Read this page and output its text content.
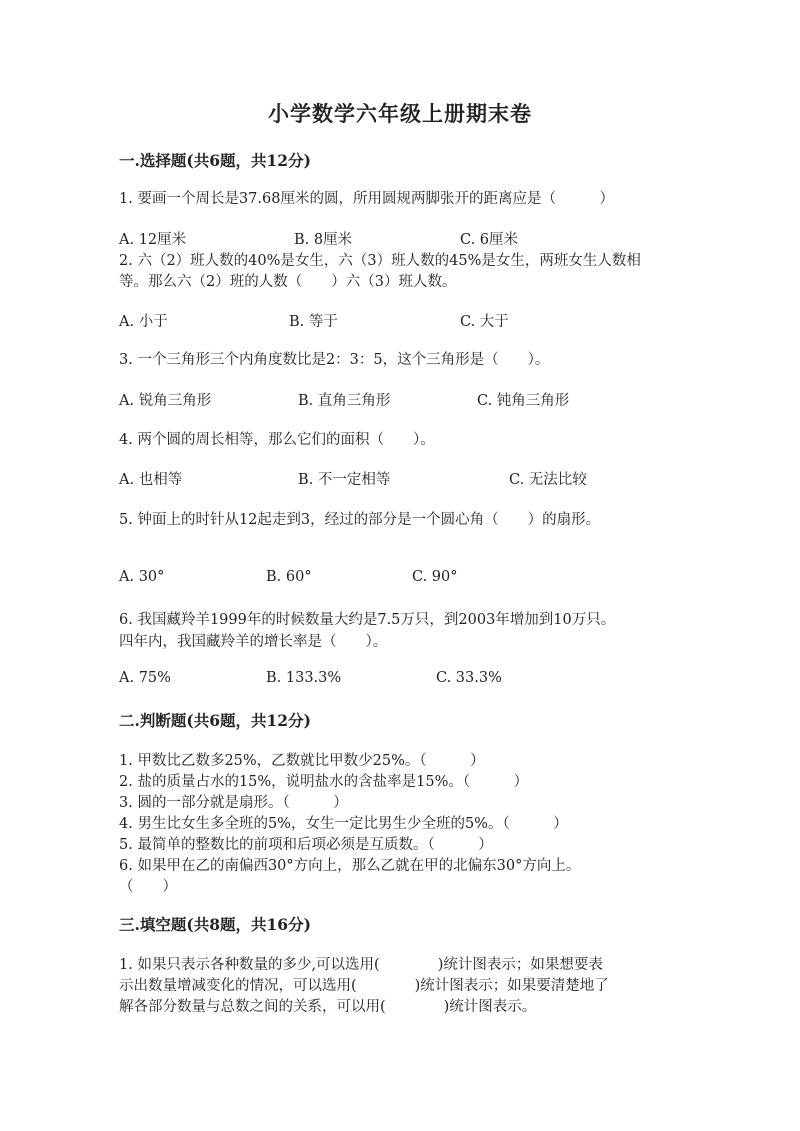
小学数学六年级上册期末卷
一.选择题(共6题，共12分)
1. 要画一个周长是37.68厘米的圆，所用圆规两脚张开的距离应是（　　　）
A. 12厘米	B. 8厘米	C. 6厘米
2. 六（2）班人数的40%是女生，六（3）班人数的45%是女生，两班女生人数相
等。那么六（2）班的人数（　　）六（3）班人数。
A. 小于	B. 等于	C. 大于
3. 一个三角形三个内角度数比是2：3：5，这个三角形是（　　）。
A. 锐角三角形	B. 直角三角形	C. 钝角三角形
4. 两个圆的周长相等，那么它们的面积（　　）。
A. 也相等	B. 不一定相等	C. 无法比较
5. 钟面上的时针从12起走到3，经过的部分是一个圆心角（　　）的扇形。
A. 30°	B. 60°	C. 90°
6. 我国藏羚羊1999年的时候数量大约是7.5万只，到2003年增加到10万只。
四年内，我国藏羚羊的增长率是（　　）。
A. 75%	B. 133.3%	C. 33.3%
二.判断题(共6题，共12分)
1. 甲数比乙数多25%，乙数就比甲数少25%。（　　　）
2. 盐的质量占水的15%，说明盐水的含盐率是15%。（　　　）
3. 圆的一部分就是扇形。（　　　）
4. 男生比女生多全班的5%，女生一定比男生少全班的5%。（　　　）
5. 最简单的整数比的前项和后项必须是互质数。（　　　）
6. 如果甲在乙的南偏西30°方向上，那么乙就在甲的北偏东30°方向上。
（　　）
三.填空题(共8题，共16分)
1. 如果只表示各种数量的多少,可以选用(　　　　)统计图表示；如果想要表
示出数量增减变化的情况，可以选用(　　　　)统计图表示；如果要清楚地了
解各部分数量与总数之间的关系，可以用(　　　　)统计图表示。
